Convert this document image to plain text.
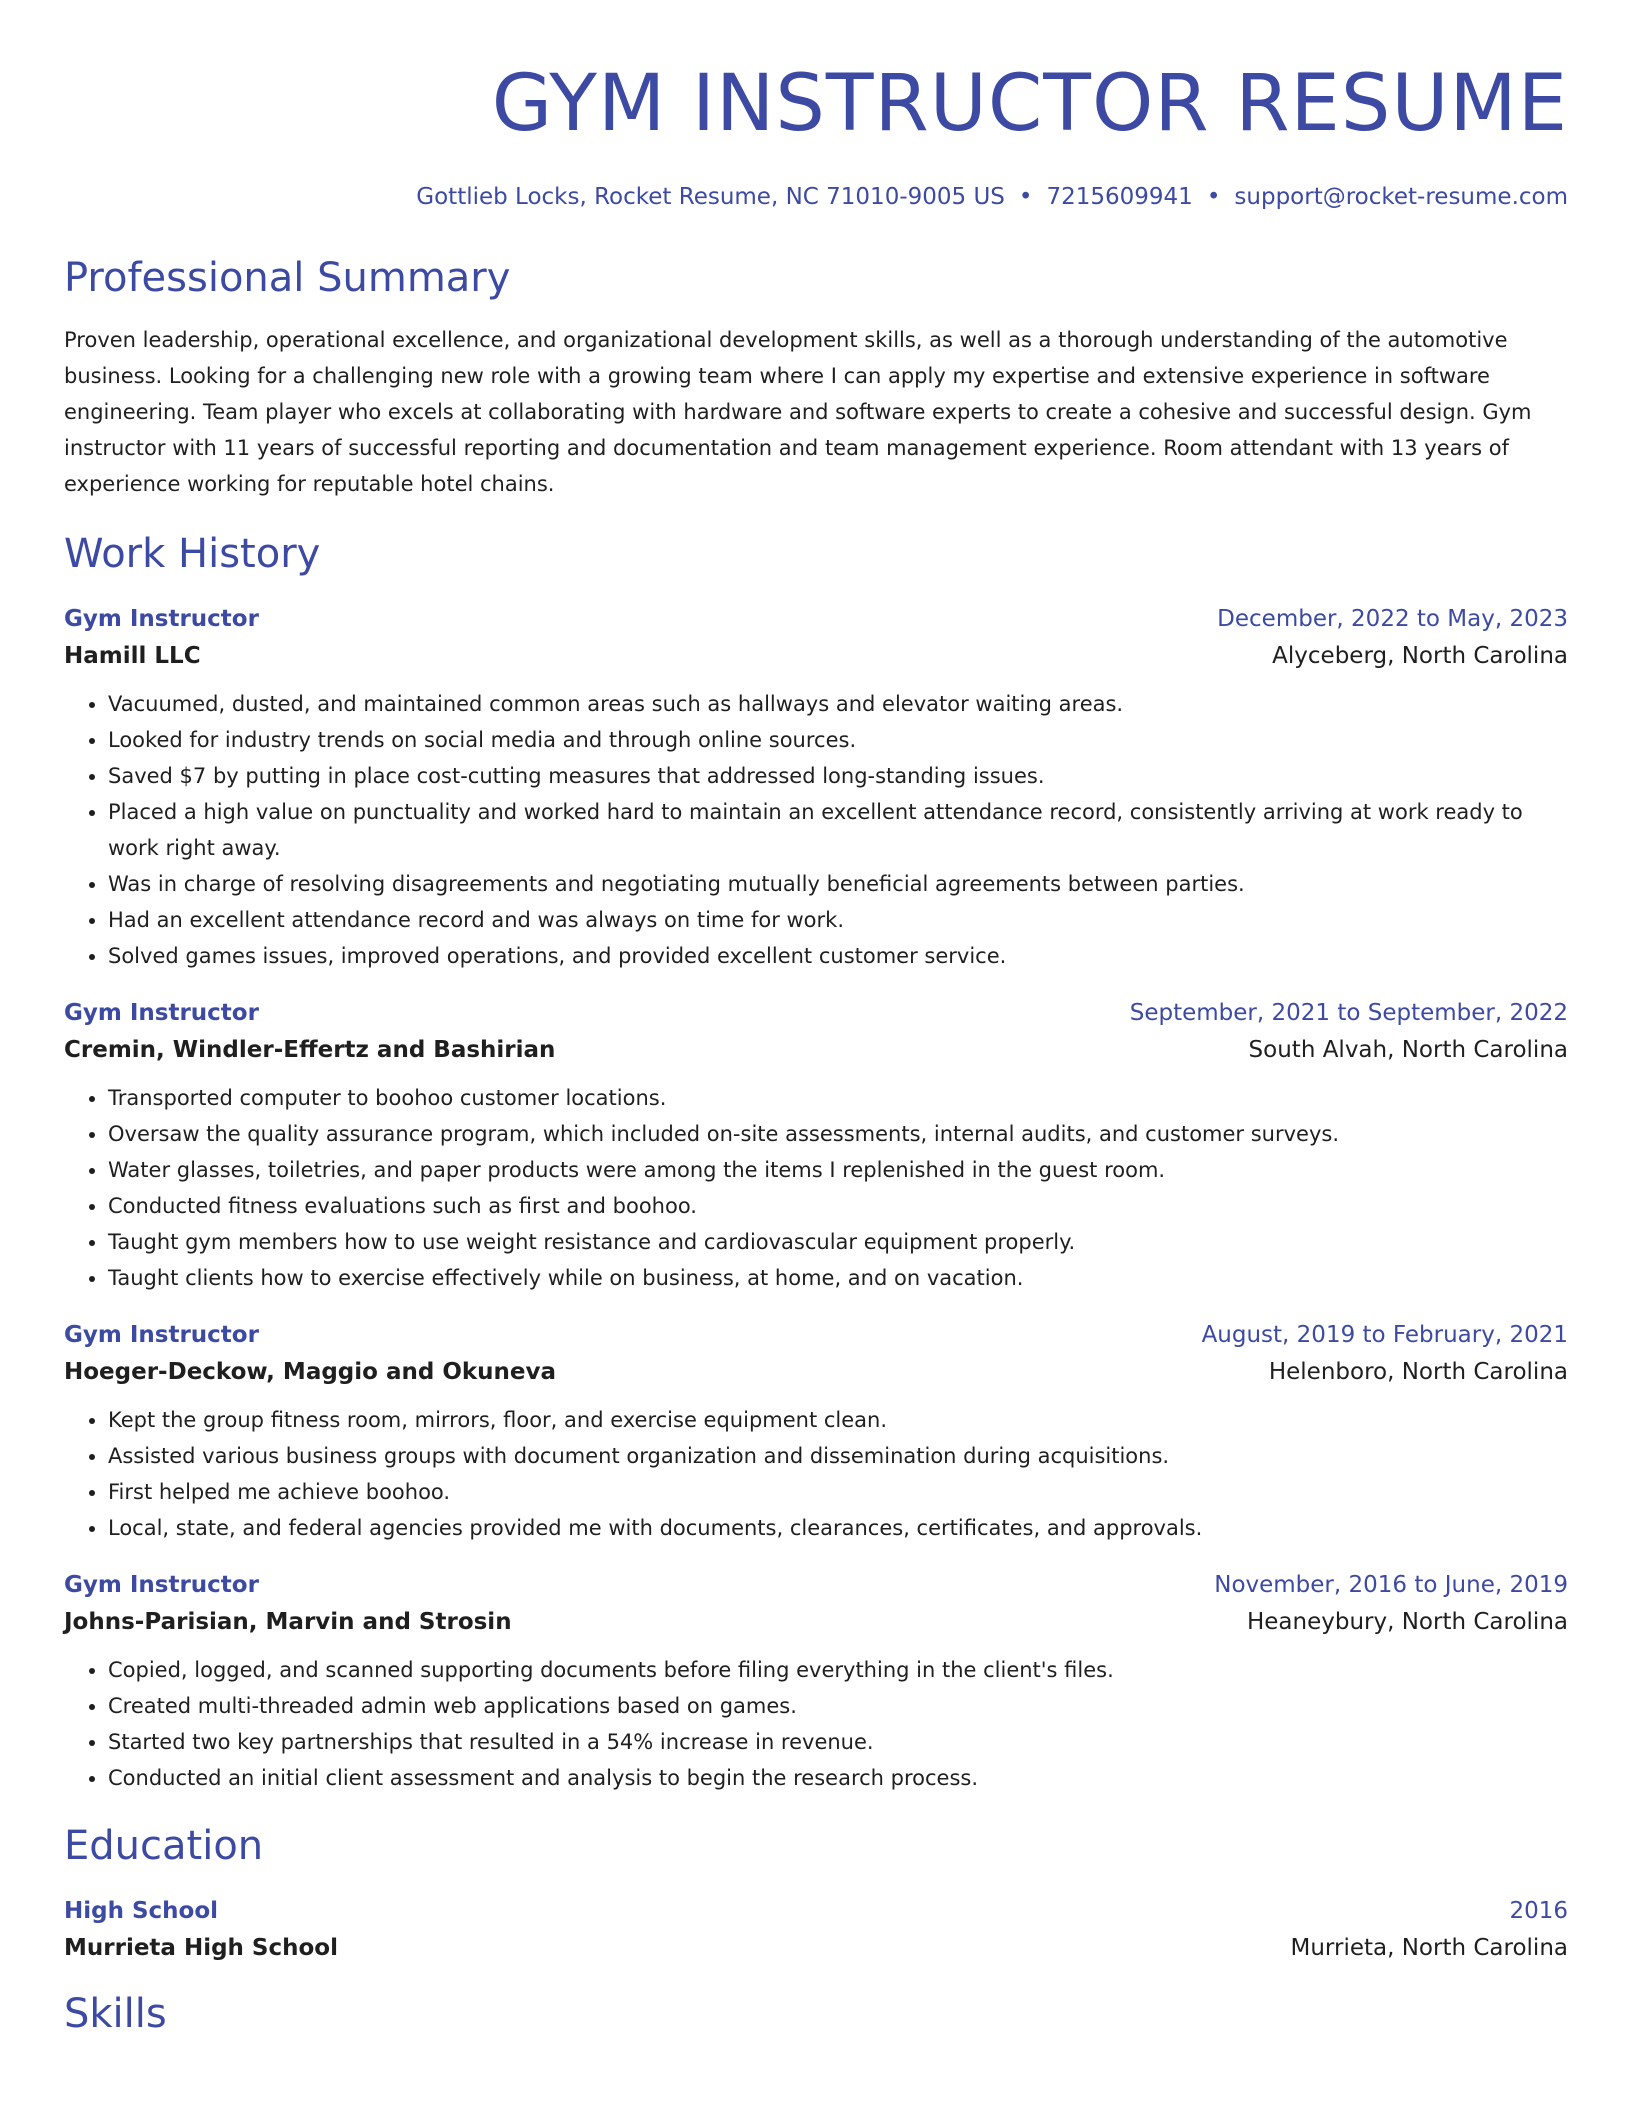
GYM INSTRUCTOR RESUME
Gottlieb Locks, Rocket Resume, NC 71010-9005 US • 7215609941 • support@rocket-resume.com
Professional Summary

Proven leadership, operational excellence, and organizational development skills, as well as a thorough understanding of the automotive business. Looking for a challenging new role with a growing team where I can apply my expertise and extensive experience in software engineering. Team player who excels at collaborating with hardware and software experts to create a cohesive and successful design. Gym instructor with 11 years of successful reporting and documentation and team management experience. Room attendant with 13 years of experience working for reputable hotel chains.

Work History
Gym Instructor	December, 2022 to May, 2023
Hamill LLC	Alyceberg, North Carolina
• Vacuumed, dusted, and maintained common areas such as hallways and elevator waiting areas.
• Looked for industry trends on social media and through online sources.
• Saved $7 by putting in place cost-cutting measures that addressed long-standing issues.
• Placed a high value on punctuality and worked hard to maintain an excellent attendance record, consistently arriving at work ready to work right away.
• Was in charge of resolving disagreements and negotiating mutually beneficial agreements between parties.
• Had an excellent attendance record and was always on time for work.
• Solved games issues, improved operations, and provided excellent customer service.
Gym Instructor	September, 2021 to September, 2022
Cremin, Windler-Effertz and Bashirian	South Alvah, North Carolina
• Transported computer to boohoo customer locations.
• Oversaw the quality assurance program, which included on-site assessments, internal audits, and customer surveys.
• Water glasses, toiletries, and paper products were among the items I replenished in the guest room.
• Conducted fitness evaluations such as first and boohoo.
• Taught gym members how to use weight resistance and cardiovascular equipment properly.
• Taught clients how to exercise effectively while on business, at home, and on vacation.
Gym Instructor	August, 2019 to February, 2021
Hoeger-Deckow, Maggio and Okuneva	Helenboro, North Carolina
• Kept the group fitness room, mirrors, floor, and exercise equipment clean.
• Assisted various business groups with document organization and dissemination during acquisitions.
• First helped me achieve boohoo.
• Local, state, and federal agencies provided me with documents, clearances, certificates, and approvals.
Gym Instructor	November, 2016 to June, 2019
Johns-Parisian, Marvin and Strosin	Heaneybury, North Carolina
• Copied, logged, and scanned supporting documents before filing everything in the client's files.
• Created multi-threaded admin web applications based on games.
• Started two key partnerships that resulted in a 54% increase in revenue.
• Conducted an initial client assessment and analysis to begin the research process.
Education
High School	2016
Murrieta High School	Murrieta, North Carolina
Skills
